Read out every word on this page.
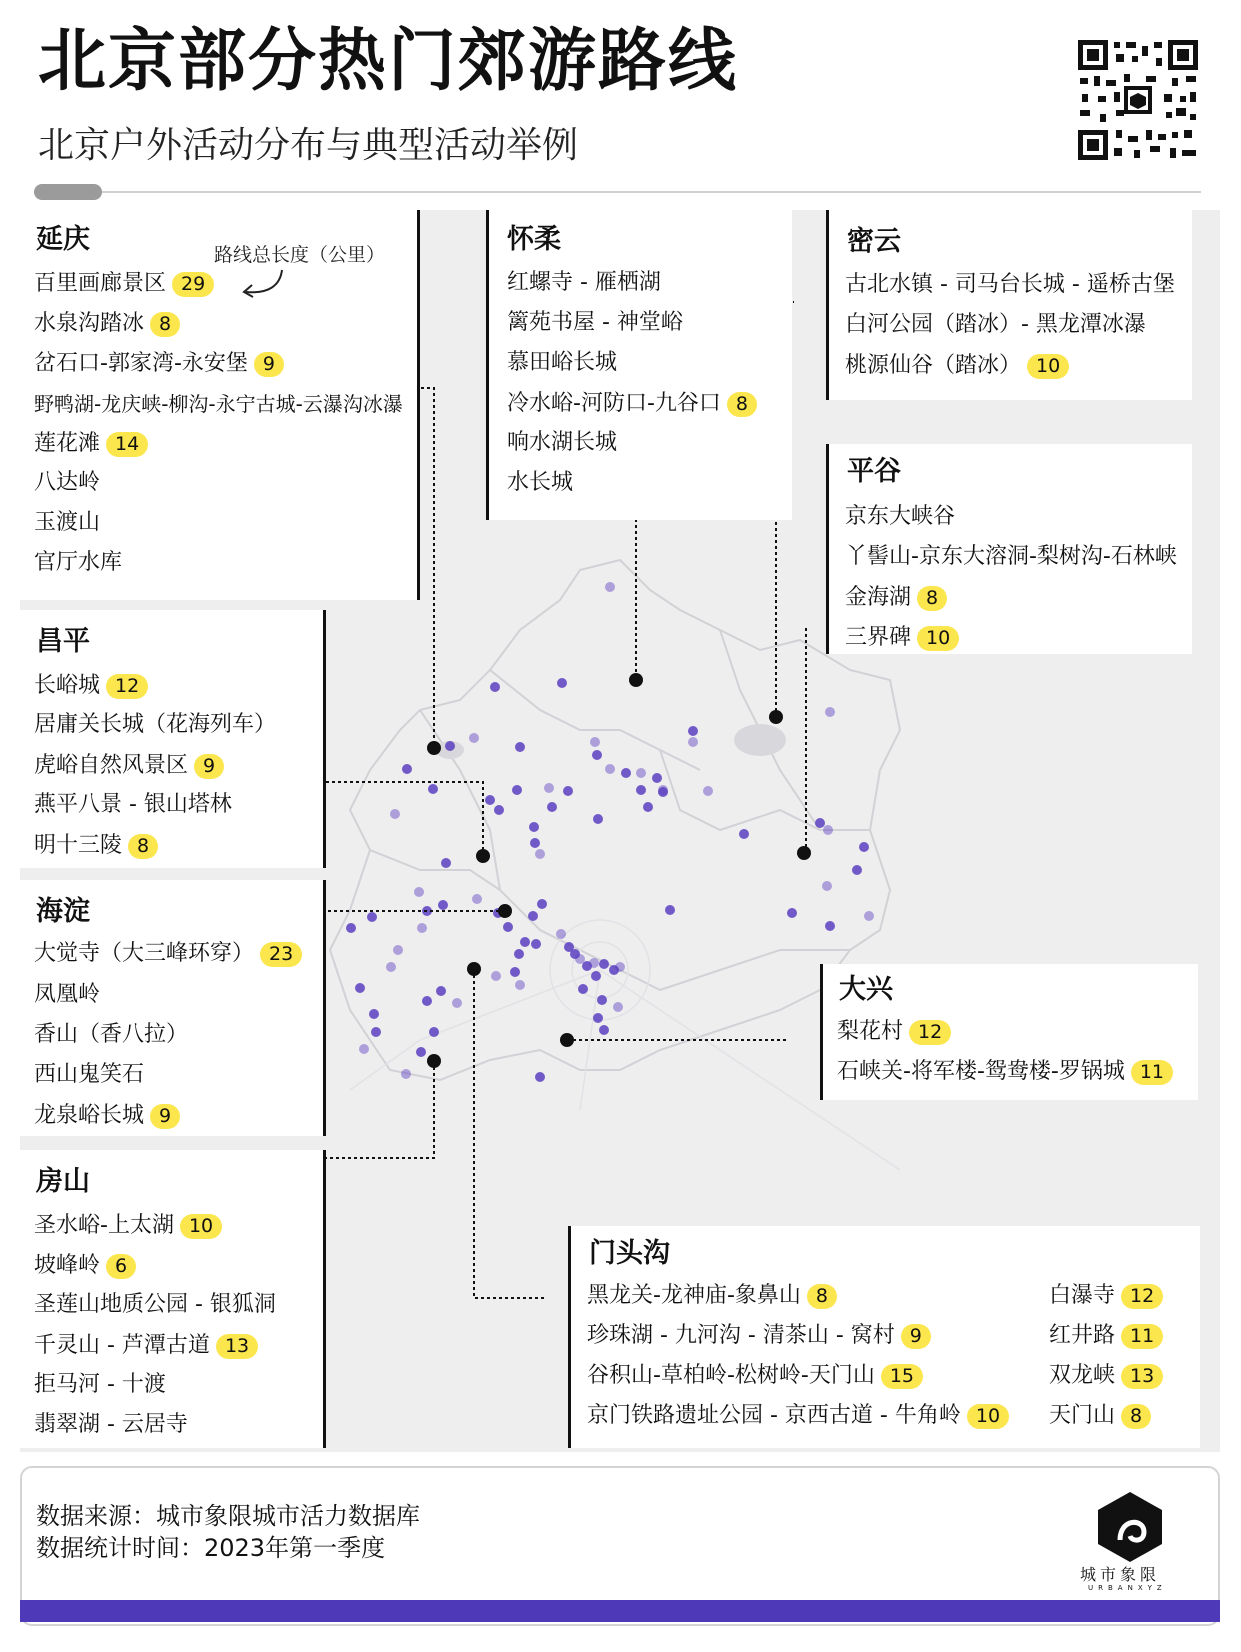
北京部分热门郊游路线
北京户外活动分布与典型活动举例
延庆
百里画廊景区 29
水泉沟踏冰 8
岔石口-郭家湾-永安堡 9
野鸭湖-龙庆峡-柳沟-永宁古城-云瀑沟冰瀑
莲花滩 14
八达岭
玉渡山
官厅水库
路线总长度（公里）	怀柔
红螺寺 - 雁栖湖
篱苑书屋 - 神堂峪
慕田峪长城
冷水峪-河防口-九谷口 8
响水湖长城
水长城
密云
古北水镇 - 司马台长城 - 遥桥古堡
白河公园（踏冰）- 黑龙潭冰瀑
桃源仙谷（踏冰） 10
平谷
京东大峡谷
丫髻山-京东大溶洞-梨树沟-石林峡
金海湖 8
三界碑 10
昌平
长峪城 12
居庸关长城（花海列车）
虎峪自然风景区 9
燕平八景 - 银山塔林
明十三陵 8
海淀
大觉寺（大三峰环穿） 23
凤凰岭
香山（香八拉）
西山鬼笑石
龙泉峪长城 9
大兴
梨花村 12
石峡关-将军楼-鸳鸯楼-罗锅城 11
房山
圣水峪-上太湖 10
坡峰岭 6
圣莲山地质公园 - 银狐洞
千灵山 - 芦潭古道 13
拒马河 - 十渡
翡翠湖 - 云居寺
门头沟
黑龙关-龙神庙-象鼻山 8
珍珠湖 - 九河沟 - 清茶山 - 窝村 9
谷积山-草柏岭-松树岭-天门山 15
京门铁路遗址公园 - 京西古道 - 牛角岭 10
白瀑寺 12
红井路 11
双龙峡 13
天门山 8
数据来源：城市象限城市活力数据库
数据统计时间：2023年第一季度
城市象限
URBANXYZ
